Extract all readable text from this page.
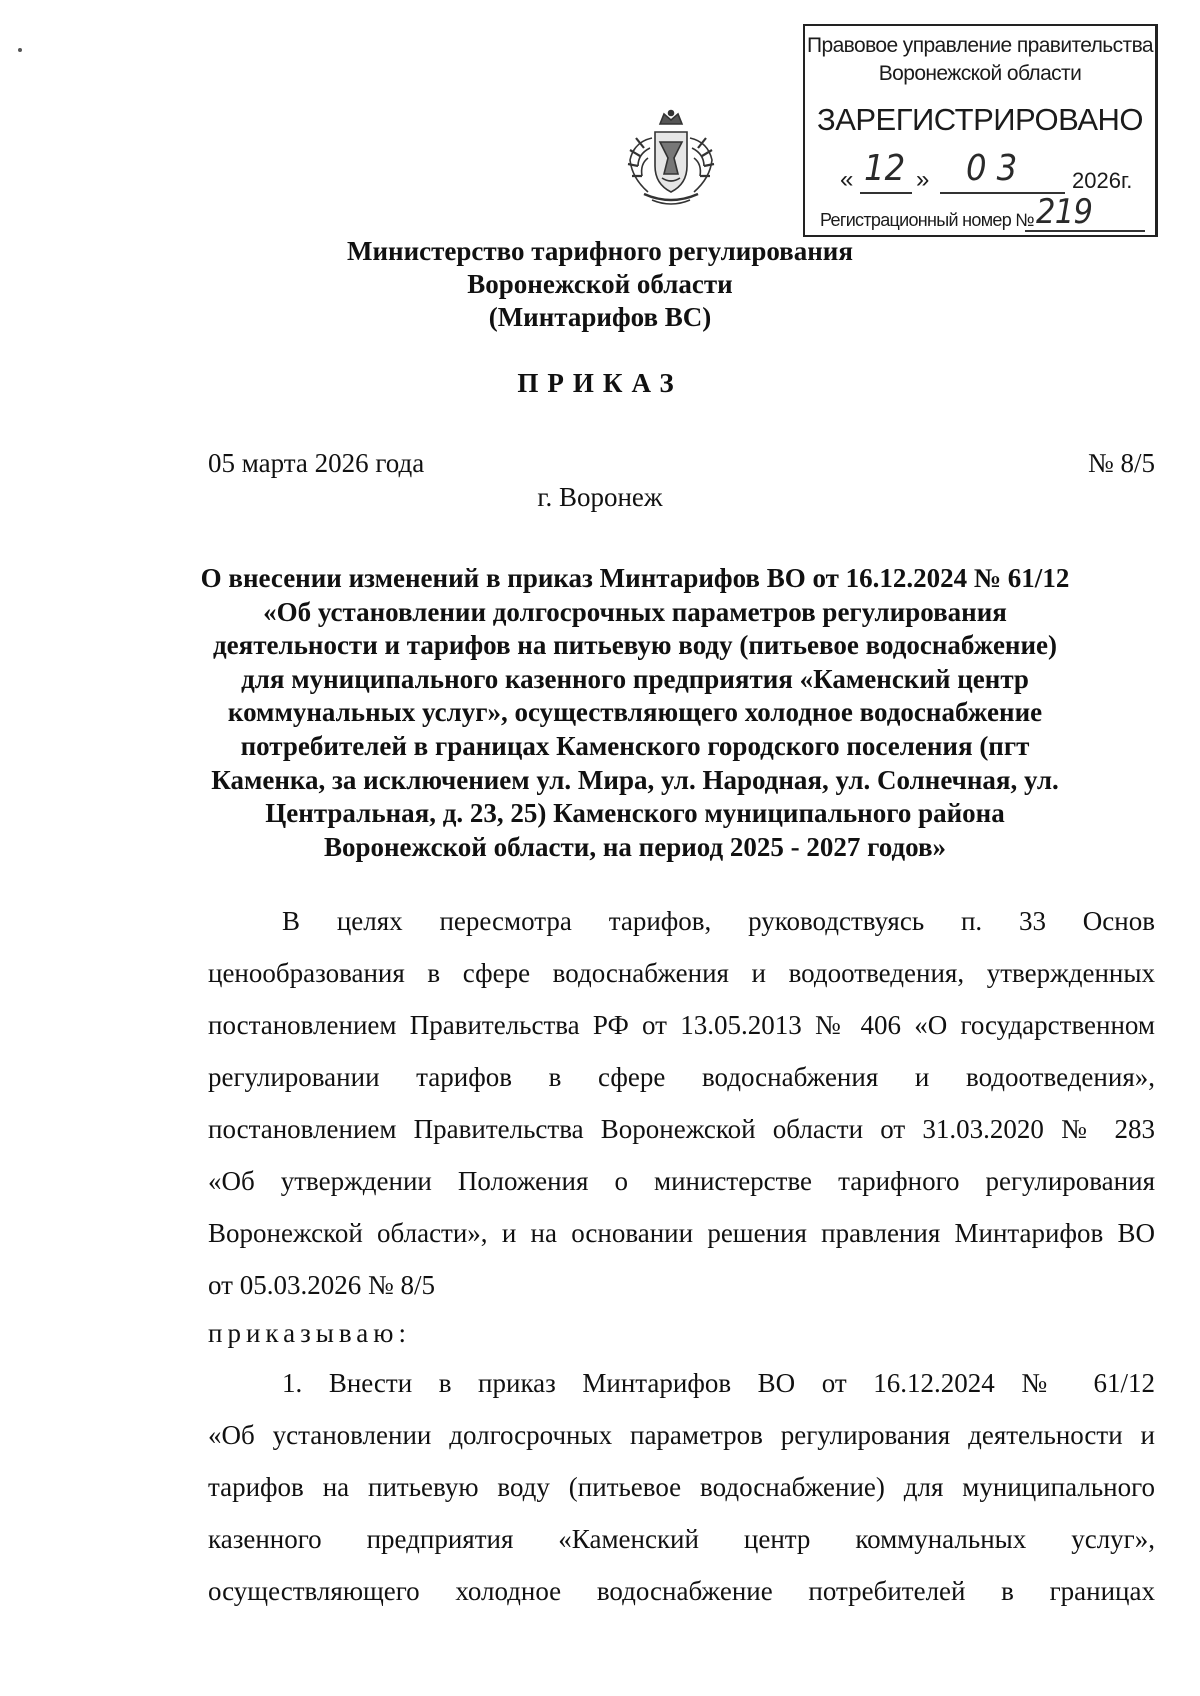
Правовое управление правительства
Воронежской области
ЗАРЕГИСТРИРОВАНО
« 12 » 03 2026г.
Регистрационный номер № 219
Министерство тарифного регулирования
Воронежской области
(Минтарифов ВС)
ПРИКАЗ
05 марта 2026 года	№ 8/5
г. Воронеж
О внесении изменений в приказ Минтарифов ВО от 16.12.2024 № 61/12 «Об установлении долгосрочных параметров регулирования деятельности и тарифов на питьевую воду (питьевое водоснабжение) для муниципального казенного предприятия «Каменский центр коммунальных услуг», осуществляющего холодное водоснабжение потребителей в границах Каменского городского поселения (пгт Каменка, за исключением ул. Мира, ул. Народная, ул. Солнечная, ул. Центральная, д. 23, 25) Каменского муниципального района Воронежской области, на период 2025 - 2027 годов»
В целях пересмотра тарифов, руководствуясь п. 33 Основ
ценообразования в сфере водоснабжения и водоотведения, утвержденных
постановлением Правительства РФ от 13.05.2013 № 406 «О государственном
регулировании тарифов в сфере водоснабжения и водоотведения»,
постановлением Правительства Воронежской области от 31.03.2020 № 283
«Об утверждении Положения о министерстве тарифного регулирования
Воронежской области», и на основании решения правления Минтарифов ВО
от 05.03.2026 № 8/5
приказываю:
1. Внести в приказ Минтарифов ВО от 16.12.2024 № 61/12
«Об установлении долгосрочных параметров регулирования деятельности и
тарифов на питьевую воду (питьевое водоснабжение) для муниципального
казенного предприятия «Каменский центр коммунальных услуг»,
осуществляющего холодное водоснабжение потребителей в границах
